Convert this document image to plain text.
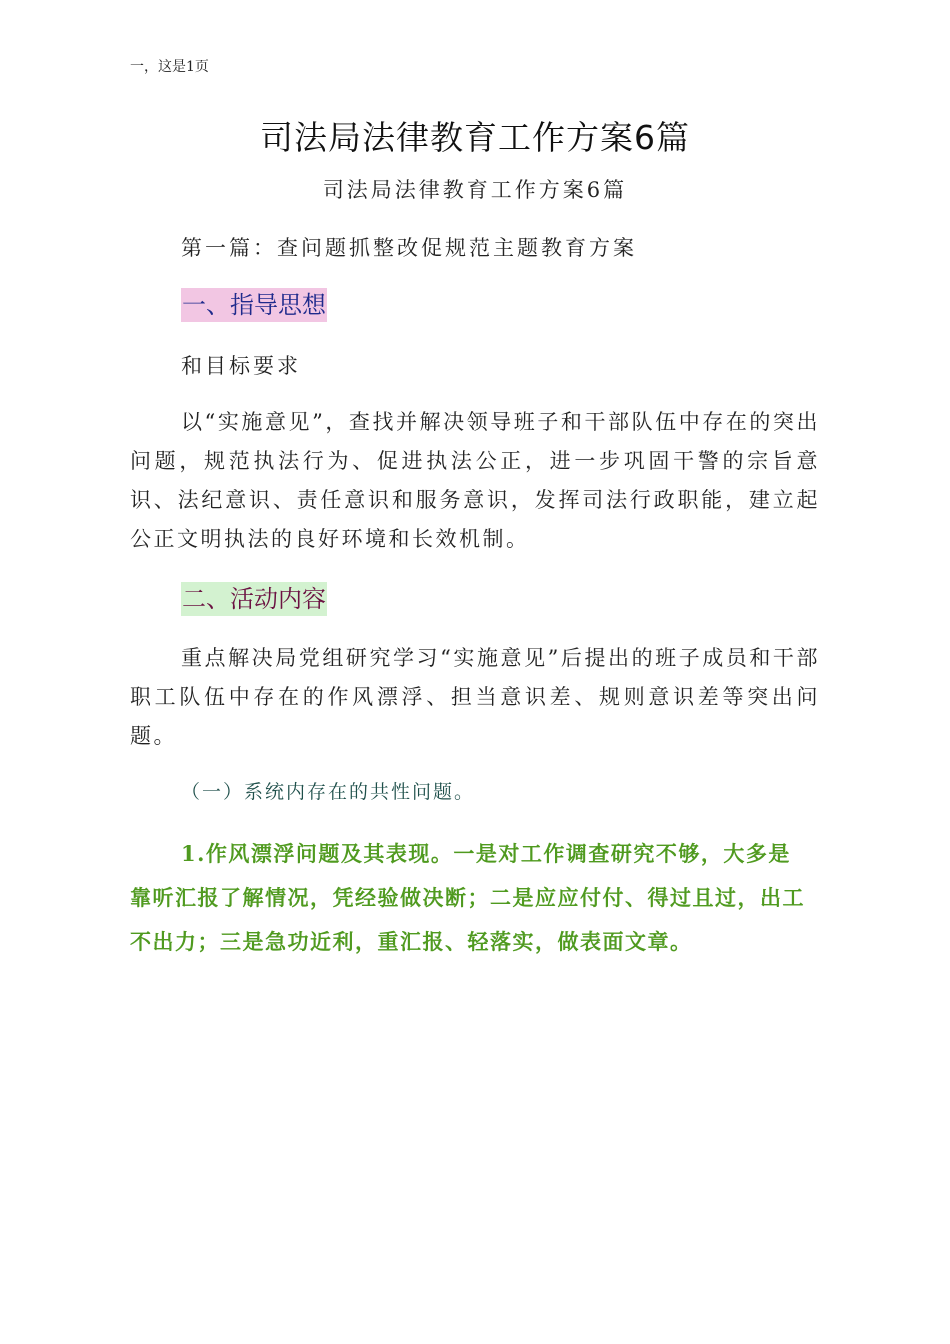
一，这是1页
司法局法律教育工作方案6篇
司法局法律教育工作方案6篇
第一篇：查问题抓整改促规范主题教育方案
一、指导思想
和目标要求

以“实施意见”，查找并解决领导班子和干部队伍中存在的突出问题，规范执法行为、促进执法公正，进一步巩固干警的宗旨意识、法纪意识、责任意识和服务意识，发挥司法行政职能，建立起公正文明执法的良好环境和长效机制。

二、活动内容

重点解决局党组研究学习“实施意见”后提出的班子成员和干部职工队伍中存在的作风漂浮、担当意识差、规则意识差等突出问题。

（一）系统内存在的共性问题。

1.作风漂浮问题及其表现。一是对工作调查研究不够，大多是靠听汇报了解情况，凭经验做决断；二是应应付付、得过且过，出工不出力；三是急功近利，重汇报、轻落实，做表面文章。
